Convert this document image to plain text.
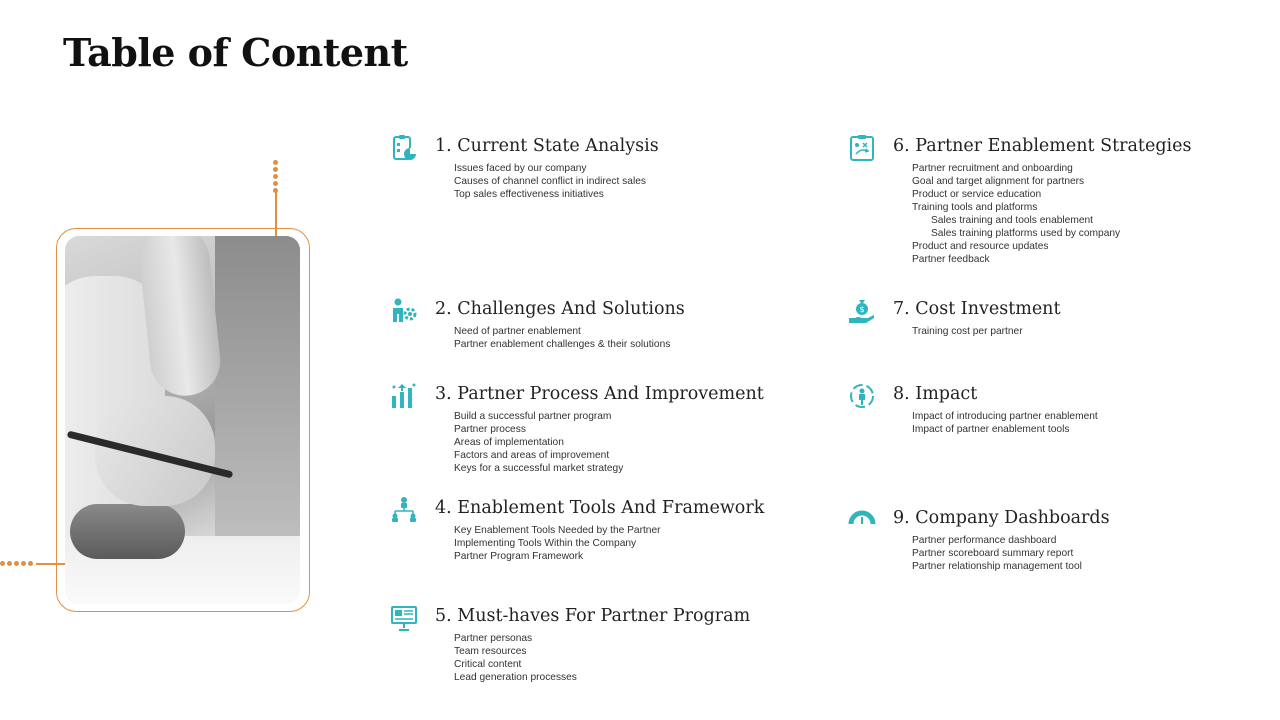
Table of Content
1. Current State Analysis
Issues faced by our company
Causes of channel conflict in indirect sales
Top sales effectiveness initiatives
2. Challenges And Solutions
Need of partner enablement
Partner enablement challenges & their solutions
3. Partner Process And Improvement
Build a successful partner program
Partner process
Areas of implementation
Factors and areas of improvement
Keys for a successful market strategy
4. Enablement Tools And Framework
Key Enablement Tools Needed by the Partner
Implementing Tools Within the Company
Partner Program Framework
5. Must-haves For Partner Program
Partner personas
Team resources
Critical content
Lead generation processes
6. Partner Enablement Strategies
Partner recruitment and onboarding
Goal and target alignment for partners
Product or service education
Training tools and platforms
Sales training and tools enablement
Sales training platforms used by company
Product and resource updates
Partner feedback
$ 7. Cost Investment
Training cost per partner
8. Impact
Impact of introducing partner enablement
Impact of partner enablement tools
9. Company Dashboards
Partner performance dashboard
Partner scoreboard summary report
Partner relationship management tool
